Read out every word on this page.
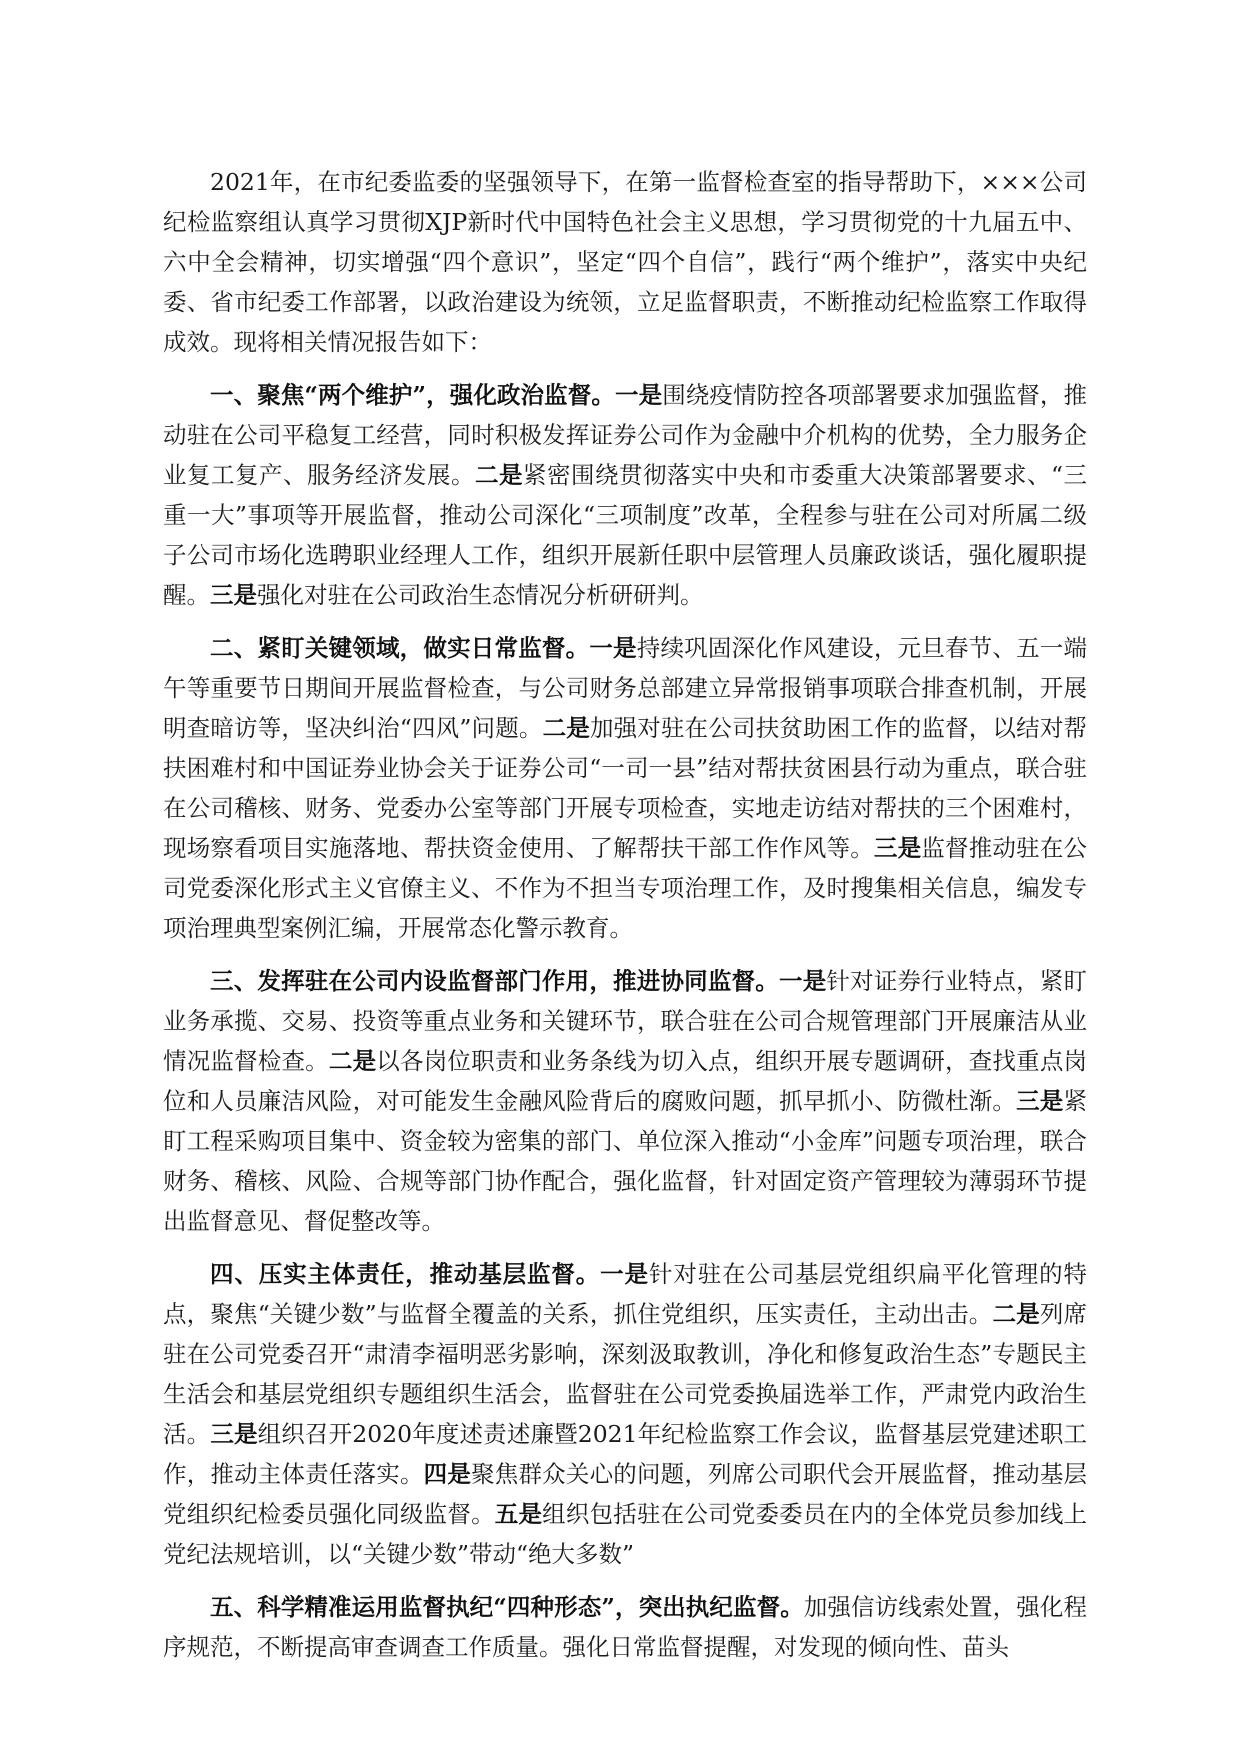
2021年，在市纪委监委的坚强领导下，在第一监督检查室的指导帮助下，×××公司纪检监察组认真学习贯彻XJP新时代中国特色社会主义思想，学习贯彻党的十九届五中、六中全会精神，切实增强“四个意识”，坚定“四个自信”，践行“两个维护”，落实中央纪委、省市纪委工作部署，以政治建设为统领，立足监督职责，不断推动纪检监察工作取得成效。现将相关情况报告如下：

一、聚焦“两个维护”，强化政治监督。一是围绕疫情防控各项部署要求加强监督，推动驻在公司平稳复工经营，同时积极发挥证券公司作为金融中介机构的优势，全力服务企业复工复产、服务经济发展。二是紧密围绕贯彻落实中央和市委重大决策部署要求、“三重一大”事项等开展监督，推动公司深化“三项制度”改革，全程参与驻在公司对所属二级子公司市场化选聘职业经理人工作，组织开展新任职中层管理人员廉政谈话，强化履职提醒。三是强化对驻在公司政治生态情况分析研研判。

二、紧盯关键领域，做实日常监督。一是持续巩固深化作风建设，元旦春节、五一端午等重要节日期间开展监督检查，与公司财务总部建立异常报销事项联合排查机制，开展明查暗访等，坚决纠治“四风”问题。二是加强对驻在公司扶贫助困工作的监督，以结对帮扶困难村和中国证券业协会关于证券公司“一司一县”结对帮扶贫困县行动为重点，联合驻在公司稽核、财务、党委办公室等部门开展专项检查，实地走访结对帮扶的三个困难村，现场察看项目实施落地、帮扶资金使用、了解帮扶干部工作作风等。三是监督推动驻在公司党委深化形式主义官僚主义、不作为不担当专项治理工作，及时搜集相关信息，编发专项治理典型案例汇编，开展常态化警示教育。

三、发挥驻在公司内设监督部门作用，推进协同监督。一是针对证券行业特点，紧盯业务承揽、交易、投资等重点业务和关键环节，联合驻在公司合规管理部门开展廉洁从业情况监督检查。二是以各岗位职责和业务条线为切入点，组织开展专题调研，查找重点岗位和人员廉洁风险，对可能发生金融风险背后的腐败问题，抓早抓小、防微杜渐。三是紧盯工程采购项目集中、资金较为密集的部门、单位深入推动“小金库”问题专项治理，联合财务、稽核、风险、合规等部门协作配合，强化监督，针对固定资产管理较为薄弱环节提出监督意见、督促整改等。

四、压实主体责任，推动基层监督。一是针对驻在公司基层党组织扁平化管理的特点，聚焦“关键少数”与监督全覆盖的关系，抓住党组织，压实责任，主动出击。二是列席驻在公司党委召开“肃清李福明恶劣影响，深刻汲取教训，净化和修复政治生态”专题民主生活会和基层党组织专题组织生活会，监督驻在公司党委换届选举工作，严肃党内政治生活。三是组织召开2020年度述责述廉暨2021年纪检监察工作会议，监督基层党建述职工作，推动主体责任落实。四是聚焦群众关心的问题，列席公司职代会开展监督，推动基层党组织纪检委员强化同级监督。五是组织包括驻在公司党委委员在内的全体党员参加线上党纪法规培训，以“关键少数”带动“绝大多数”

五、科学精准运用监督执纪“四种形态”，突出执纪监督。加强信访线索处置，强化程序规范，不断提高审查调查工作质量。强化日常监督提醒，对发现的倾向性、苗头
